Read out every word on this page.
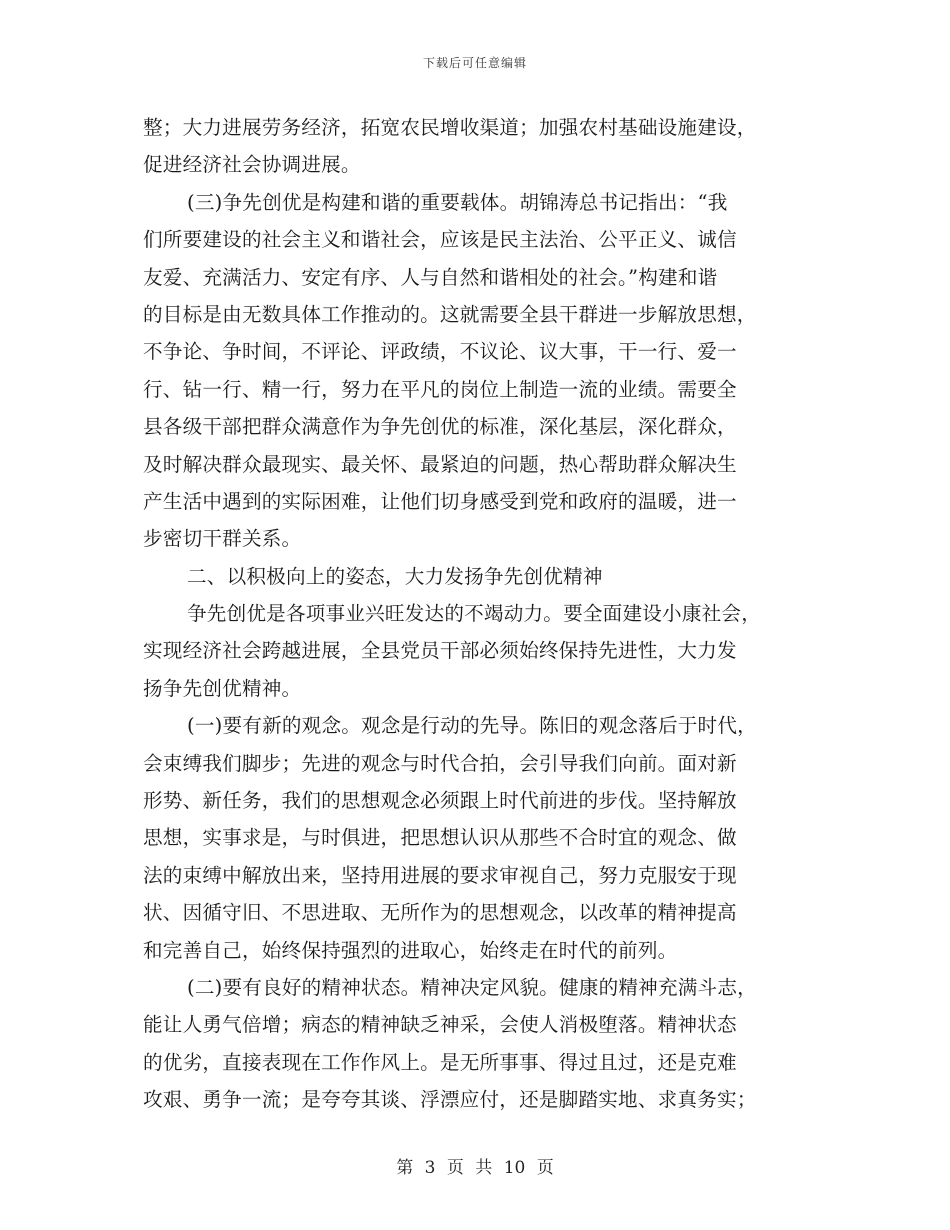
下载后可任意编辑
整；大力进展劳务经济，拓宽农民增收渠道；加强农村基础设施建设，
促进经济社会协调进展。
(三)争先创优是构建和谐的重要载体。胡锦涛总书记指出：“我
们所要建设的社会主义和谐社会，应该是民主法治、公平正义、诚信
友爱、充满活力、安定有序、人与自然和谐相处的社会。”构建和谐
的目标是由无数具体工作推动的。这就需要全县干群进一步解放思想，
不争论、争时间，不评论、评政绩，不议论、议大事，干一行、爱一
行、钻一行、精一行，努力在平凡的岗位上制造一流的业绩。需要全
县各级干部把群众满意作为争先创优的标准，深化基层，深化群众，
及时解决群众最现实、最关怀、最紧迫的问题，热心帮助群众解决生
产生活中遇到的实际困难，让他们切身感受到党和政府的温暖，进一
步密切干群关系。
二、以积极向上的姿态，大力发扬争先创优精神
争先创优是各项事业兴旺发达的不竭动力。要全面建设小康社会，
实现经济社会跨越进展，全县党员干部必须始终保持先进性，大力发
扬争先创优精神。
(一)要有新的观念。观念是行动的先导。陈旧的观念落后于时代，
会束缚我们脚步；先进的观念与时代合拍，会引导我们向前。面对新
形势、新任务，我们的思想观念必须跟上时代前进的步伐。坚持解放
思想，实事求是，与时俱进，把思想认识从那些不合时宜的观念、做
法的束缚中解放出来，坚持用进展的要求审视自己，努力克服安于现
状、因循守旧、不思进取、无所作为的思想观念，以改革的精神提高
和完善自己，始终保持强烈的进取心，始终走在时代的前列。
(二)要有良好的精神状态。精神决定风貌。健康的精神充满斗志，
能让人勇气倍增；病态的精神缺乏神采，会使人消极堕落。精神状态
的优劣，直接表现在工作作风上。是无所事事、得过且过，还是克难
攻艰、勇争一流；是夸夸其谈、浮漂应付，还是脚踏实地、求真务实；
第 3 页 共 10 页
